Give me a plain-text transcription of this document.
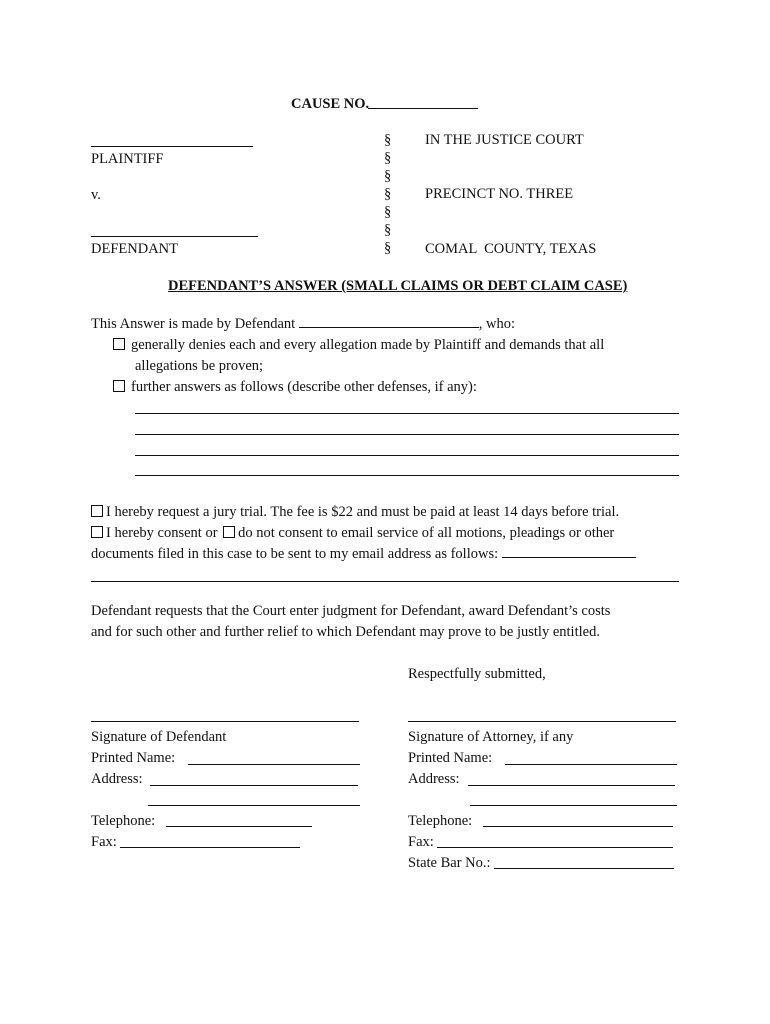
CAUSE NO.
PLAINTIFF
v.
DEFENDANT
§
§
§
§
§
§
§
IN THE JUSTICE COURT
PRECINCT NO. THREE
COMAL  COUNTY, TEXAS
DEFENDANT’S ANSWER (SMALL CLAIMS OR DEBT CLAIM CASE)
This Answer is made by Defendant	, who:
generally denies each and every allegation made by Plaintiff and demands that all
allegations be proven;
further answers as follows (describe other defenses, if any):
I hereby request a jury trial. The fee is $22 and must be paid at least 14 days before trial.
I hereby consent or do not consent to email service of all motions, pleadings or other
documents filed in this case to be sent to my email address as follows:
Defendant requests that the Court enter judgment for Defendant, award Defendant’s costs
and for such other and further relief to which Defendant may prove to be justly entitled.
Respectfully submitted,
Signature of Defendant
Printed Name:
Address:
Telephone:
Fax:
Signature of Attorney, if any
Printed Name:
Address:
Telephone:
Fax:
State Bar No.:
